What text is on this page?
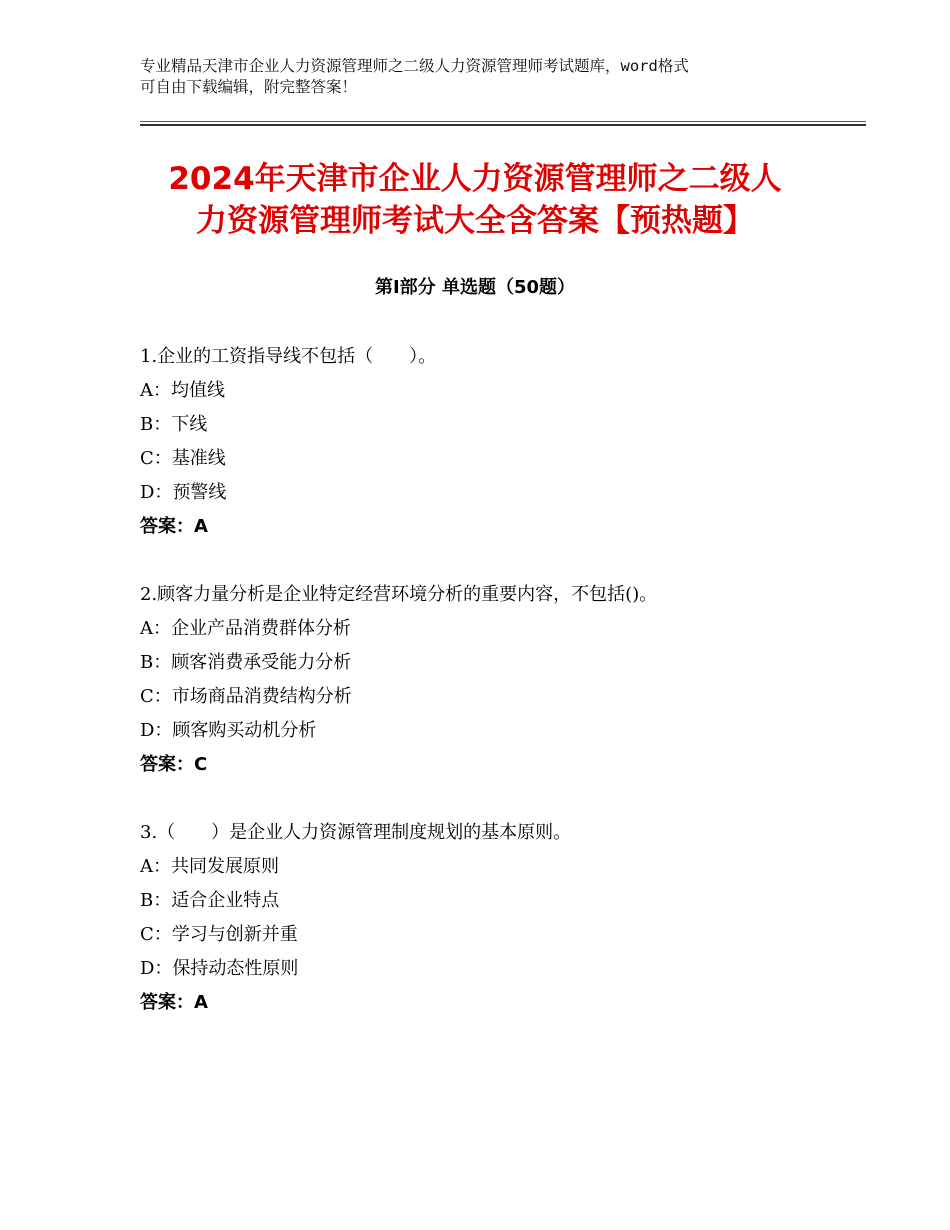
专业精品天津市企业人力资源管理师之二级人力资源管理师考试题库，word格式
可自由下载编辑，附完整答案！
2024年天津市企业人力资源管理师之二级人
力资源管理师考试大全含答案【预热题】
第Ⅰ部分 单选题（50题）
1.企业的工资指导线不包括（　　）。
A：均值线
B：下线
C：基准线
D：预警线
答案：A
2.顾客力量分析是企业特定经营环境分析的重要内容，不包括()。
A：企业产品消费群体分析
B：顾客消费承受能力分析
C：市场商品消费结构分析
D：顾客购买动机分析
答案：C
3.（　　）是企业人力资源管理制度规划的基本原则。
A：共同发展原则
B：适合企业特点
C：学习与创新并重
D：保持动态性原则
答案：A
